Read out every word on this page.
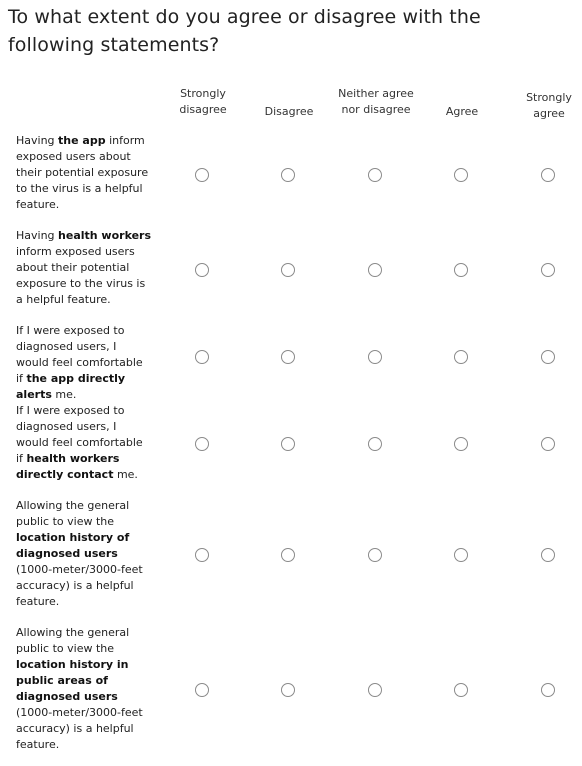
To what extent do you agree or disagree with the following statements?
Strongly disagree	Disagree
Neither agree nor disagree	Agree
Strongly agree
Having the app inform exposed users about their potential exposure to the virus is a helpful feature.
Having health workers inform exposed users about their potential exposure to the virus is a helpful feature.
If I were exposed to diagnosed users, I would feel comfortable if the app directly alerts me.
If I were exposed to diagnosed users, I would feel comfortable if health workers directly contact me.
Allowing the general public to view the location history of diagnosed users (1000-meter/3000-feet accuracy) is a helpful feature.
Allowing the general public to view the location history in public areas of diagnosed users (1000-meter/3000-feet accuracy) is a helpful feature.
